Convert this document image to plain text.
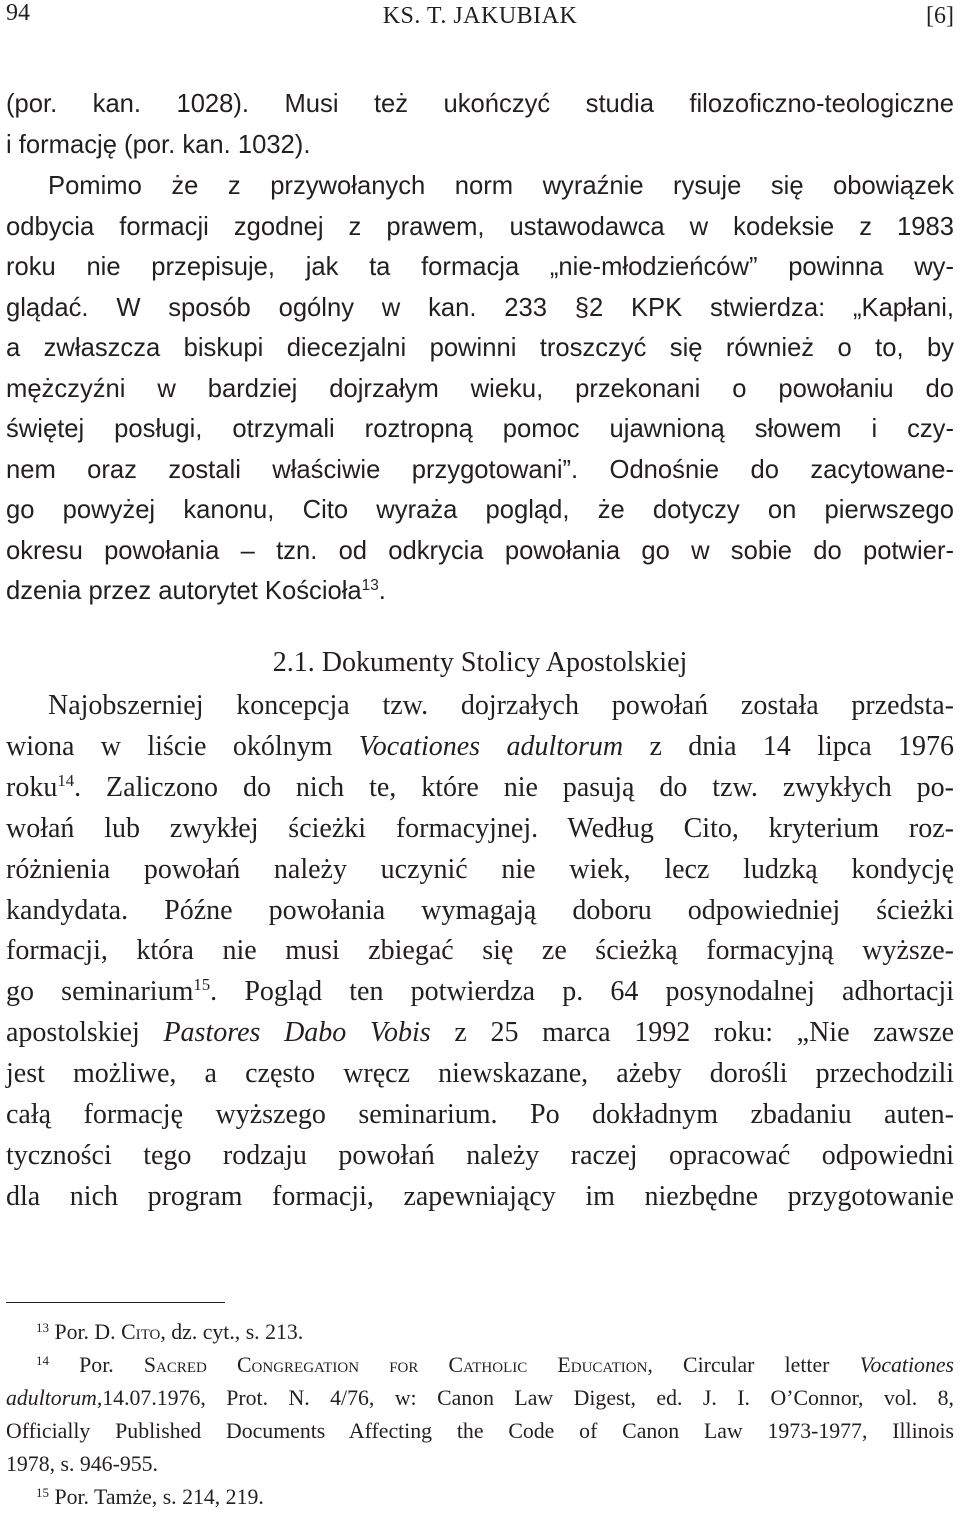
94	KS. T. JAKUBIAK	[6]
(por. kan. 1028). Musi też ukończyć studia filozoficzno-teologiczne
i formację (por. kan. 1032).
Pomimo że z przywołanych norm wyraźnie rysuje się obowiązek
odbycia formacji zgodnej z prawem, ustawodawca w kodeksie z 1983
roku nie przepisuje, jak ta formacja „nie-młodzieńców” powinna wy-
glądać. W sposób ogólny w kan. 233 §2 KPK stwierdza: „Kapłani,
a zwłaszcza biskupi diecezjalni powinni troszczyć się również o to, by
mężczyźni w bardziej dojrzałym wieku, przekonani o powołaniu do
świętej posługi, otrzymali roztropną pomoc ujawnioną słowem i czy-
nem oraz zostali właściwie przygotowani”. Odnośnie do zacytowane-
go powyżej kanonu, Cito wyraża pogląd, że dotyczy on pierwszego
okresu powołania – tzn. od odkrycia powołania go w sobie do potwier-
dzenia przez autorytet Kościoła$^{13}$.
2.1. Dokumenty Stolicy Apostolskiej
Najobszerniej koncepcja tzw. dojrzałych powołań została przedsta-
wiona w liście okólnym Vocationes adultorum z dnia 14 lipca 1976
roku$^{14}$. Zaliczono do nich te, które nie pasują do tzw. zwykłych po-
wołań lub zwykłej ścieżki formacyjnej. Według Cito, kryterium roz-
różnienia powołań należy uczynić nie wiek, lecz ludzką kondycję
kandydata. Późne powołania wymagają doboru odpowiedniej ścieżki
formacji, która nie musi zbiegać się ze ścieżką formacyjną wyższe-
go seminarium$^{15}$. Pogląd ten potwierdza p. 64 posynodalnej adhortacji
apostolskiej Pastores Dabo Vobis z 25 marca 1992 roku: „Nie zawsze
jest możliwe, a często wręcz niewskazane, ażeby dorośli przechodzili
całą formację wyższego seminarium. Po dokładnym zbadaniu auten-
tyczności tego rodzaju powołań należy raczej opracować odpowiedni
dla nich program formacji, zapewniający im niezbędne przygotowanie
$^{13}$ Por. D. Cito, dz. cyt., s. 213.
$^{14}$ Por. Sacred Congregation for Catholic Education, Circular letter Vocationes
adultorum,14.07.1976, Prot. N. 4/76, w: Canon Law Digest, ed. J. I. O’Connor, vol. 8,
Officially Published Documents Affecting the Code of Canon Law 1973-1977, Illinois
1978, s. 946-955.
$^{15}$ Por. Tamże, s. 214, 219.
